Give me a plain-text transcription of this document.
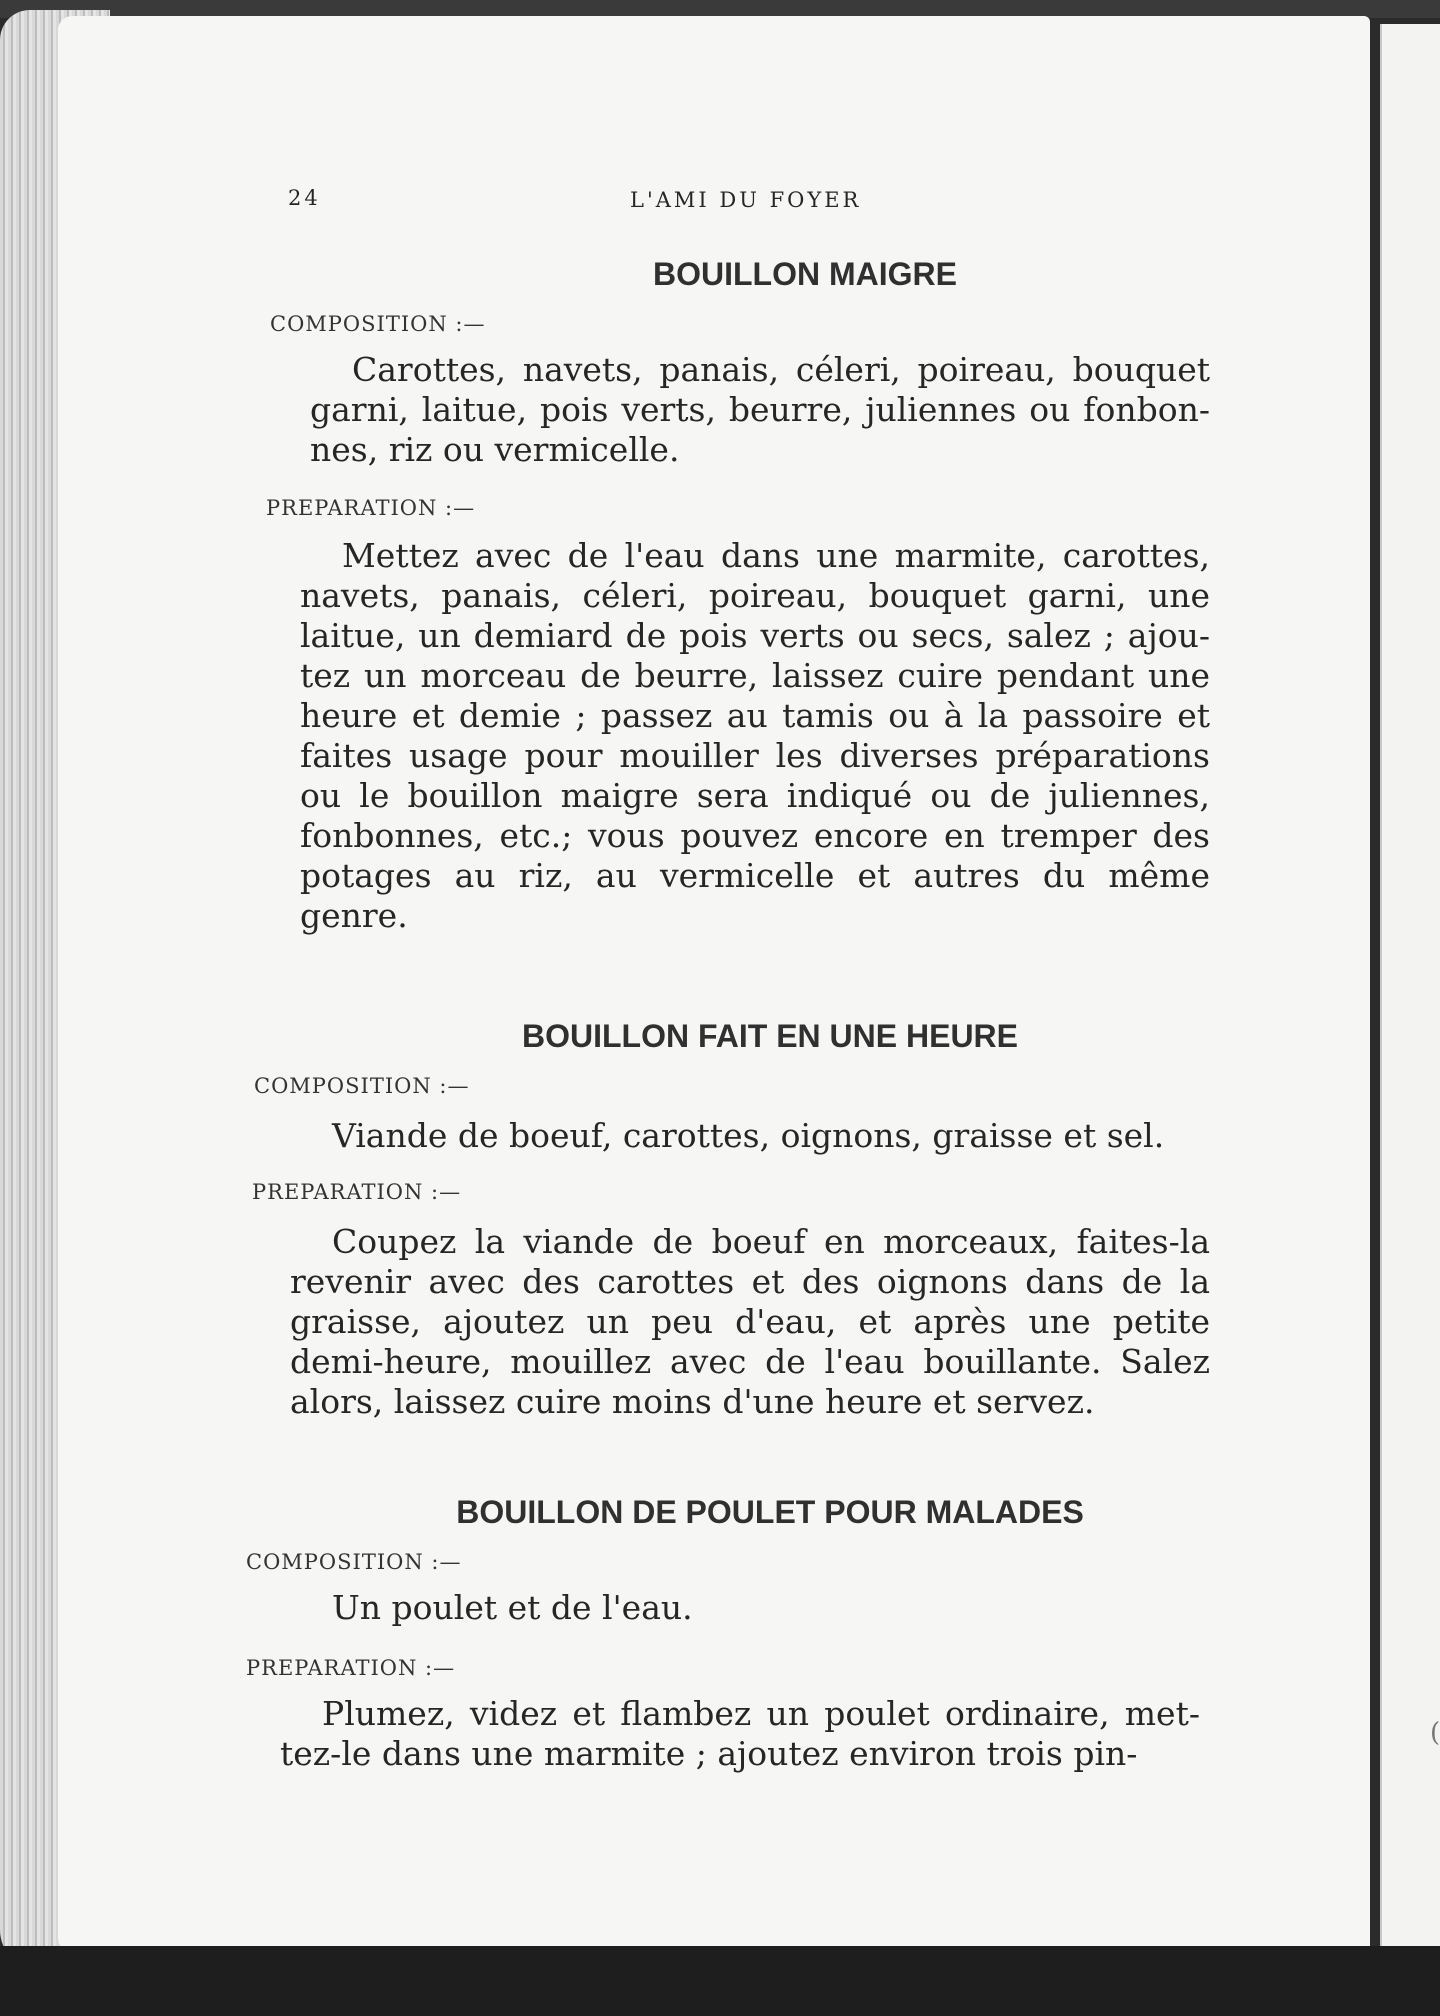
(
24	L'AMI DU FOYER
BOUILLON MAIGRE

COMPOSITION :—

Carottes, navets, panais, céleri, poireau, bouquet garni, laitue, pois verts, beurre, juliennes ou fonbonnes, riz ou vermicelle.

PREPARATION :—

Mettez avec de l'eau dans une marmite, carottes, navets, panais, céleri, poireau, bouquet garni, une laitue, un demiard de pois verts ou secs, salez ; ajoutez un morceau de beurre, laissez cuire pendant une heure et demie ; passez au tamis ou à la passoire et faites usage pour mouiller les diverses préparations ou le bouillon maigre sera indiqué ou de juliennes, fonbonnes, etc.; vous pouvez encore en tremper des potages au riz, au vermicelle et autres du même genre.

BOUILLON FAIT EN UNE HEURE

COMPOSITION :—

Viande de boeuf, carottes, oignons, graisse et sel.

PREPARATION :—

Coupez la viande de boeuf en morceaux, faites-la revenir avec des carottes et des oignons dans de la graisse, ajoutez un peu d'eau, et après une petite demi-heure, mouillez avec de l'eau bouillante. Salez alors, laissez cuire moins d'une heure et servez.

BOUILLON DE POULET POUR MALADES

COMPOSITION :—

Un poulet et de l'eau.

PREPARATION :—

Plumez, videz et flambez un poulet ordinaire, mettez-le dans une marmite ; ajoutez environ trois pin-
